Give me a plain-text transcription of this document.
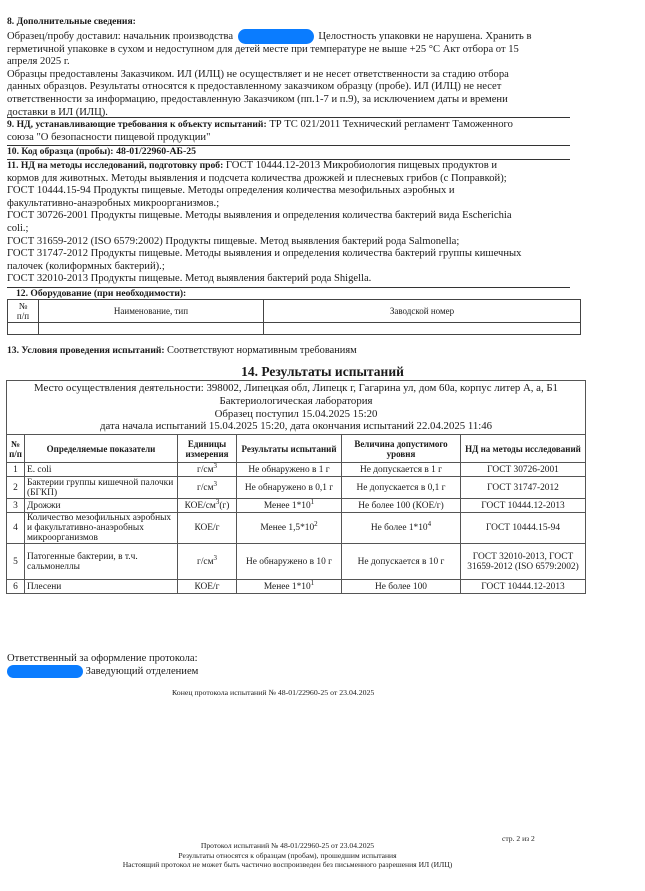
8. Дополнительные сведения:
Образец/пробу доставил: начальник производства	Целостность упаковки не нарушена. Хранить в
герметичной упаковке в сухом и недоступном для детей месте при температуре не выше +25 °С Акт отбора от 15
апреля 2025 г.
Образцы предоставлены Заказчиком. ИЛ (ИЛЦ) не осуществляет и не несет ответственности за стадию отбора
данных образцов. Результаты относятся к предоставленному заказчиком образцу (пробе). ИЛ (ИЛЦ) не несет
ответственности за информацию, предоставленную Заказчиком (пп.1-7 и п.9), за исключением даты и времени
доставки в ИЛ (ИЛЦ).
9. НД, устанавливающие требования к объекту испытаний: ТР ТС 021/2011 Технический регламент Таможенного
союза "О безопасности пищевой продукции"
10. Код образца (пробы): 48-01/22960-АБ-25
11. НД на методы исследований, подготовку проб: ГОСТ 10444.12-2013 Микробиология пищевых продуктов и
кормов для животных. Методы выявления и подсчета количества дрожжей и плесневых грибов (с Поправкой);
ГОСТ 10444.15-94 Продукты пищевые. Методы определения количества мезофильных аэробных и
факультативно-анаэробных микроорганизмов.;
ГОСТ 30726-2001 Продукты пищевые. Методы выявления и определения количества бактерий вида Escherichia
coli.;
ГОСТ 31659-2012 (ISO 6579:2002) Продукты пищевые. Метод выявления бактерий рода Salmonella;
ГОСТ 31747-2012 Продукты пищевые. Методы выявления и определения количества бактерий группы кишечных
палочек (колиформных бактерий).;
ГОСТ 32010-2013 Продукты пищевые. Метод выявления бактерий рода Shigella.
12. Оборудование (при необходимости):
№
п/п	Наименование, тип	Заводской номер

13. Условия проведения испытаний: Соответствуют нормативным требованиям
14. Результаты испытаний
Место осуществления деятельности: 398002, Липецкая обл, Липецк г, Гагарина ул, дом 60а, корпус литер А, а, Б1
Бактериологическая лаборатория
Образец поступил 15.04.2025 15:20
дата начала испытаний 15.04.2025 15:20, дата окончания испытаний 22.04.2025 11:46					

№ п/п	Определяемые показатели	Единицы измерения	Результаты испытаний	Величина допустимого уровня	НД на методы исследований
1	E. coli	$г/см^3$	Не обнаружено в 1 г	Не допускается в 1 г	ГОСТ 30726-2001
2	Бактерии группы кишечной палочки (БГКП)	$г/см^3$	Не обнаружено в 0,1 г	Не допускается в 0,1 г	ГОСТ 31747-2012
3	Дрожжи	КОЕ/$см^3(г)$	Менее $1*10^1$	Не более 100 (КОЕ/г)	ГОСТ 10444.12-2013
4	Количество мезофильных аэробных и факультативно-анаэробных микроорганизмов	КОЕ/г	Менее $1,5*10^2$	Не более $1*10^4$	ГОСТ 10444.15-94
5	Патогенные бактерии, в т.ч. сальмонеллы	$г/см^3$	Не обнаружено в 10 г	Не допускается в 10 г	ГОСТ 32010-2013, ГОСТ 31659-2012 (ISO 6579:2002)
6	Плесени	КОЕ/г	Менее $1*10^1$	Не более 100	ГОСТ 10444.12-2013
Ответственный за оформление протокола:
Заведующий отделением
Конец протокола испытаний № 48-01/22960-25 от 23.04.2025
стр. 2 из 2
Протокол испытаний № 48-01/22960-25 от 23.04.2025
Результаты относятся к образцам (пробам), прошедшим испытания
Настоящий протокол не может быть частично воспроизведен без письменного разрешения ИЛ (ИЛЦ)
